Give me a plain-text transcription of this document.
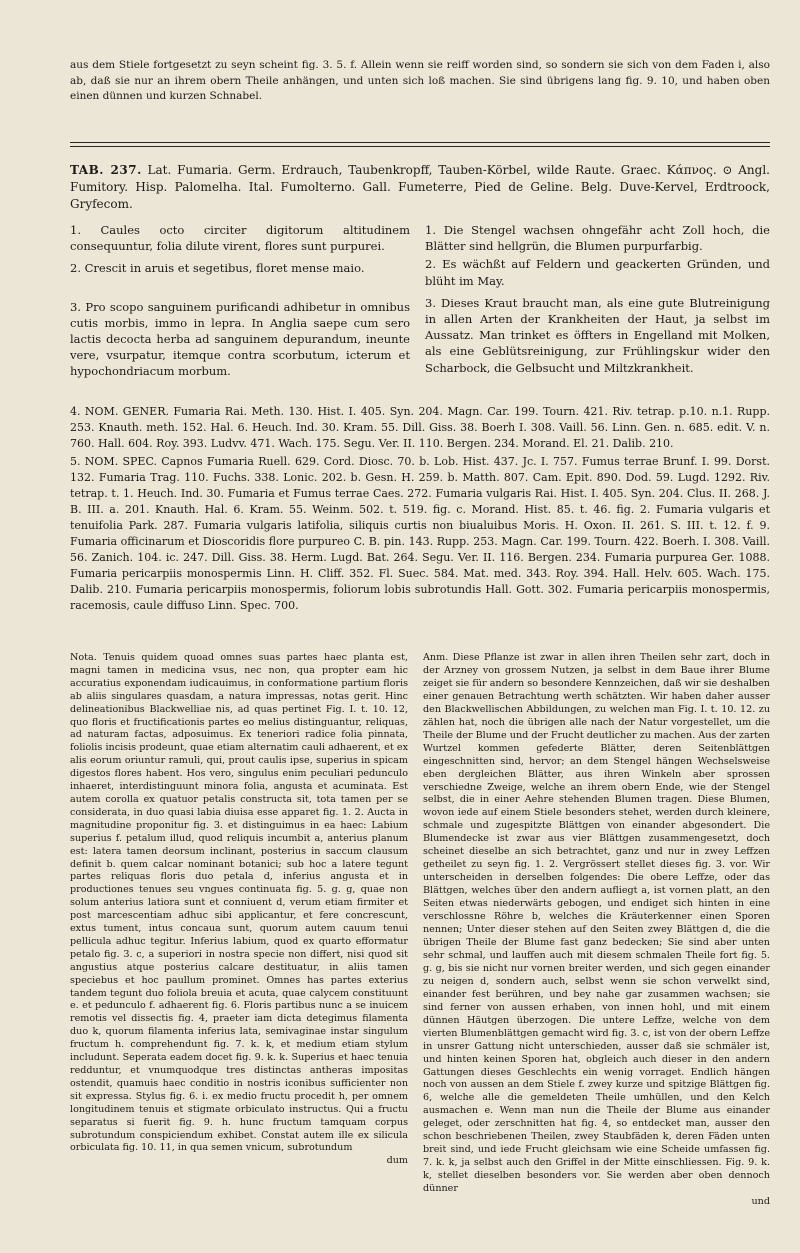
aus dem Stiele fortgesetzt zu seyn scheint fig. 3. 5. f. Allein wenn sie reiff worden sind, so sondern sie sich von dem Faden i, also ab, daß sie nur an ihrem obern Theile anhängen, und unten sich loß machen. Sie sind übrigens lang fig. 9. 10, und haben oben einen dünnen und kurzen Schnabel.

TAB. 237. Lat. Fumaria. Germ. Erdrauch, Taubenkropff, Tauben-Körbel, wilde Raute. Graec. Κάπνος. ⊙ Angl. Fumitory. Hisp. Palomelha. Ital. Fumolterno. Gall. Fumeterre, Pied de Geline. Belg. Duve-Kervel, Erdtroock, Gryfecom.

1. Caules octo circiter digitorum altitudinem consequuntur, folia dilute virent, flores sunt purpurei.

2. Crescit in aruis et segetibus, floret mense maio.

3. Pro scopo sanguinem purificandi adhibetur in omnibus cutis morbis, immo in lepra. In Anglia saepe cum sero lactis decocta herba ad sanguinem depurandum, ineunte vere, vsurpatur, itemque contra scorbutum, icterum et hypochondriacum morbum.

1. Die Stengel wachsen ohngefähr acht Zoll hoch, die Blätter sind hellgrün, die Blumen purpurfarbig.

2. Es wächßt auf Feldern und geackerten Gründen, und blüht im May.

3. Dieses Kraut braucht man, als eine gute Blutreinigung in allen Arten der Krankheiten der Haut, ja selbst im Aussatz. Man trinket es öffters in Engelland mit Molken, als eine Geblütsreinigung, zur Frühlingskur wider den Scharbock, die Gelbsucht und Miltzkrankheit.

4. NOM. GENER. Fumaria Rai. Meth. 130. Hist. I. 405. Syn. 204. Magn. Car. 199. Tourn. 421. Riv. tetrap. p.10. n.1. Rupp. 253. Knauth. meth. 152. Hal. 6. Heuch. Ind. 30. Kram. 55. Dill. Giss. 38. Boerh I. 308. Vaill. 56. Linn. Gen. n. 685. edit. V. n. 760. Hall. 604. Roy. 393. Ludvv. 471. Wach. 175. Segu. Ver. II. 110. Bergen. 234. Morand. El. 21. Dalib. 210.

5. NOM. SPEC. Capnos Fumaria Ruell. 629. Cord. Diosc. 70. b. Lob. Hist. 437. Jc. I. 757. Fumus terrae Brunf. I. 99. Dorst. 132. Fumaria Trag. 110. Fuchs. 338. Lonic. 202. b. Gesn. H. 259. b. Matth. 807. Cam. Epit. 890. Dod. 59. Lugd. 1292. Riv. tetrap. t. 1. Heuch. Ind. 30. Fumaria et Fumus terrae Caes. 272. Fumaria vulgaris Rai. Hist. I. 405. Syn. 204. Clus. II. 268. J. B. III. a. 201. Knauth. Hal. 6. Kram. 55. Weinm. 502. t. 519. fig. c. Morand. Hist. 85. t. 46. fig. 2. Fumaria vulgaris et tenuifolia Park. 287. Fumaria vulgaris latifolia, siliquis curtis non biualuibus Moris. H. Oxon. II. 261. S. III. t. 12. f. 9. Fumaria officinarum et Dioscoridis flore purpureo C. B. pin. 143. Rupp. 253. Magn. Car. 199. Tourn. 422. Boerh. I. 308. Vaill. 56. Zanich. 104. ic. 247. Dill. Giss. 38. Herm. Lugd. Bat. 264. Segu. Ver. II. 116. Bergen. 234. Fumaria purpurea Ger. 1088. Fumaria pericarpiis monospermis Linn. H. Cliff. 352. Fl. Suec. 584. Mat. med. 343. Roy. 394. Hall. Helv. 605. Wach. 175. Dalib. 210. Fumaria pericarpiis monospermis, foliorum lobis subrotundis Hall. Gott. 302. Fumaria pericarpiis monospermis, racemosis, caule diffuso Linn. Spec. 700.

Nota. Tenuis quidem quoad omnes suas partes haec planta est, magni tamen in medicina vsus, nec non, qua propter eam hic accuratius exponendam iudicauimus, in conformatione partium floris ab aliis singulares quasdam, a natura impressas, notas gerit. Hinc delineationibus Blackwelliae nis, ad quas pertinet Fig. I. t. 10. 12, quo floris et fructificationis partes eo melius distinguantur, reliquas, ad naturam factas, adposuimus. Ex teneriori radice folia pinnata, foliolis incisis prodeunt, quae etiam alternatim cauli adhaerent, et ex alis eorum oriuntur ramuli, qui, prout caulis ipse, superius in spicam digestos flores habent. Hos vero, singulus enim peculiari pedunculo inhaeret, interdistinguunt minora folia, angusta et acuminata. Est autem corolla ex quatuor petalis constructa sit, tota tamen per se considerata, in duo quasi labia diuisa esse apparet fig. 1. 2. Aucta in magnitudine proponitur fig. 3. et distinguimus in ea haec: Labium superius f. petalum illud, quod reliquis incumbit a, anterius planum est: latera tamen deorsum inclinant, posterius in saccum clausum definit b. quem calcar nominant botanici; sub hoc a latere tegunt partes reliquas floris duo petala d, inferius angusta et in productiones tenues seu vngues continuata fig. 5. g. g, quae non solum anterius latiora sunt et conniuent d, verum etiam firmiter et post marcescentiam adhuc sibi applicantur, et fere concrescunt, extus tument, intus concaua sunt, quorum autem cauum tenui pellicula adhuc tegitur. Inferius labium, quod ex quarto efformatur petalo fig. 3. c, a superiori in nostra specie non differt, nisi quod sit angustius atque posterius calcare destituatur, in aliis tamen speciebus et hoc paullum prominet. Omnes has partes exterius tandem tegunt duo foliola breuia et acuta, quae calycem constituunt e. et pedunculo f. adhaerent fig. 6. Floris partibus nunc a se inuicem remotis vel dissectis fig. 4, praeter iam dicta detegimus filamenta duo k, quorum filamenta inferius lata, semivaginae instar singulum fructum h. comprehendunt fig. 7. k. k, et medium etiam stylum includunt. Seperata eadem docet fig. 9. k. k. Superius et haec tenuia redduntur, et vnumquodque tres distinctas antheras impositas ostendit, quamuis haec conditio in nostris iconibus sufficienter non sit expressa. Stylus fig. 6. i. ex medio fructu procedit h, per omnem longitudinem tenuis et stigmate orbiculato instructus. Qui a fructu separatus si fuerit fig. 9. h. hunc fructum tamquam corpus subrotundum conspiciendum exhibet. Constat autem ille ex silicula orbiculata fig. 10. 11, in qua semen vnicum, subrotundum

dum

Anm. Diese Pflanze ist zwar in allen ihren Theilen sehr zart, doch in der Arzney von grossem Nutzen, ja selbst in dem Baue ihrer Blume zeiget sie für andern so besondere Kennzeichen, daß wir sie deshalben einer genauen Betrachtung werth schätzten. Wir haben daher ausser den Blackwellischen Abbildungen, zu welchen man Fig. I. t. 10. 12. zu zählen hat, noch die übrigen alle nach der Natur vorgestellet, um die Theile der Blume und der Frucht deutlicher zu machen. Aus der zarten Wurtzel kommen gefederte Blätter, deren Seitenblättgen eingeschnitten sind, hervor; an dem Stengel hängen Wechselsweise eben dergleichen Blätter, aus ihren Winkeln aber sprossen verschiedne Zweige, welche an ihrem obern Ende, wie der Stengel selbst, die in einer Aehre stehenden Blumen tragen. Diese Blumen, wovon iede auf einem Stiele besonders stehet, werden durch kleinere, schmale und zugespitzte Blättgen von einander abgesondert. Die Blumendecke ist zwar aus vier Blättgen zusammengesetzt, doch scheinet dieselbe an sich betrachtet, ganz und nur in zwey Leffzen getheilet zu seyn fig. 1. 2. Vergrössert stellet dieses fig. 3. vor. Wir unterscheiden in derselben folgendes: Die obere Leffze, oder das Blättgen, welches über den andern aufliegt a, ist vornen platt, an den Seiten etwas niederwärts gebogen, und endiget sich hinten in eine verschlossne Röhre b, welches die Kräuterkenner einen Sporen nennen; Unter dieser stehen auf den Seiten zwey Blättgen d, die die übrigen Theile der Blume fast ganz bedecken; Sie sind aber unten sehr schmal, und lauffen auch mit diesem schmalen Theile fort fig. 5. g. g, bis sie nicht nur vornen breiter werden, und sich gegen einander zu neigen d, sondern auch, selbst wenn sie schon verwelkt sind, einander fest berühren, und bey nahe gar zusammen wachsen; sie sind ferner von aussen erhaben, von innen hohl, und mit einem dünnen Häutgen überzogen. Die untere Leffze, welche von dem vierten Blumenblättgen gemacht wird fig. 3. c, ist von der obern Leffze in unsrer Gattung nicht unterschieden, ausser daß sie schmäler ist, und hinten keinen Sporen hat, obgleich auch dieser in den andern Gattungen dieses Geschlechts ein wenig vorraget. Endlich hängen noch von aussen an dem Stiele f. zwey kurze und spitzige Blättgen fig. 6, welche alle die gemeldeten Theile umhüllen, und den Kelch ausmachen e. Wenn man nun die Theile der Blume aus einander geleget, oder zerschnitten hat fig. 4, so entdecket man, ausser den schon beschriebenen Theilen, zwey Staubfäden k, deren Fäden unten breit sind, und iede Frucht gleichsam wie eine Scheide umfassen fig. 7. k. k, ja selbst auch den Griffel in der Mitte einschliessen. Fig. 9. k. k, stellet dieselben besonders vor. Sie werden aber oben dennoch dünner

und
